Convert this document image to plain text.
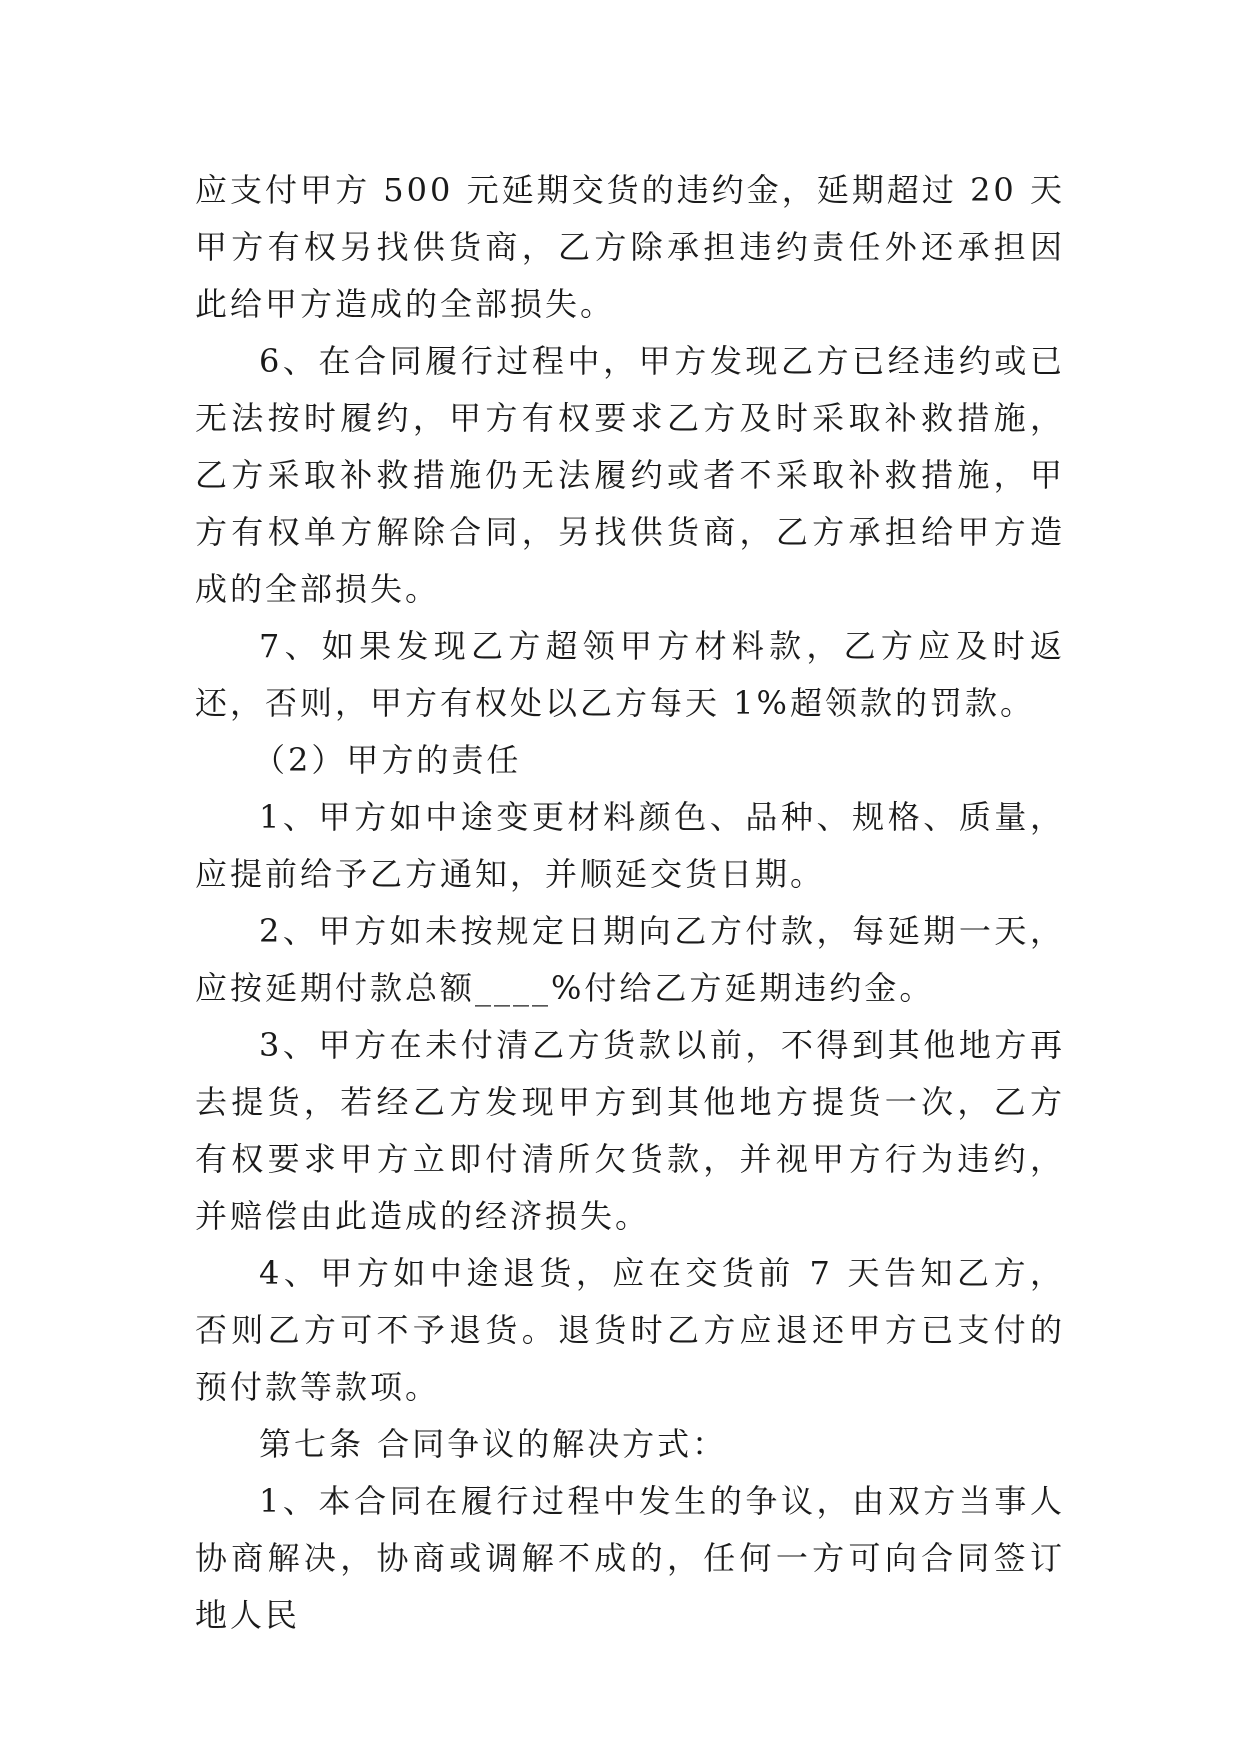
应支付甲方 500 元延期交货的违约金，延期超过 20 天甲方有权另找供货商，乙方除承担违约责任外还承担因此给甲方造成的全部损失。

6、在合同履行过程中，甲方发现乙方已经违约或已无法按时履约，甲方有权要求乙方及时采取补救措施，乙方采取补救措施仍无法履约或者不采取补救措施，甲方有权单方解除合同，另找供货商，乙方承担给甲方造成的全部损失。

7、如果发现乙方超领甲方材料款，乙方应及时返还，否则，甲方有权处以乙方每天 1%超领款的罚款。

（2）甲方的责任

1、甲方如中途变更材料颜色、品种、规格、质量，应提前给予乙方通知，并顺延交货日期。

2、甲方如未按规定日期向乙方付款，每延期一天，应按延期付款总额____%付给乙方延期违约金。

3、甲方在未付清乙方货款以前，不得到其他地方再去提货，若经乙方发现甲方到其他地方提货一次，乙方有权要求甲方立即付清所欠货款，并视甲方行为违约，并赔偿由此造成的经济损失。

4、甲方如中途退货，应在交货前 7 天告知乙方，否则乙方可不予退货。退货时乙方应退还甲方已支付的预付款等款项。

第七条 合同争议的解决方式：

1、本合同在履行过程中发生的争议，由双方当事人协商解决，协商或调解不成的，任何一方可向合同签订地人民
